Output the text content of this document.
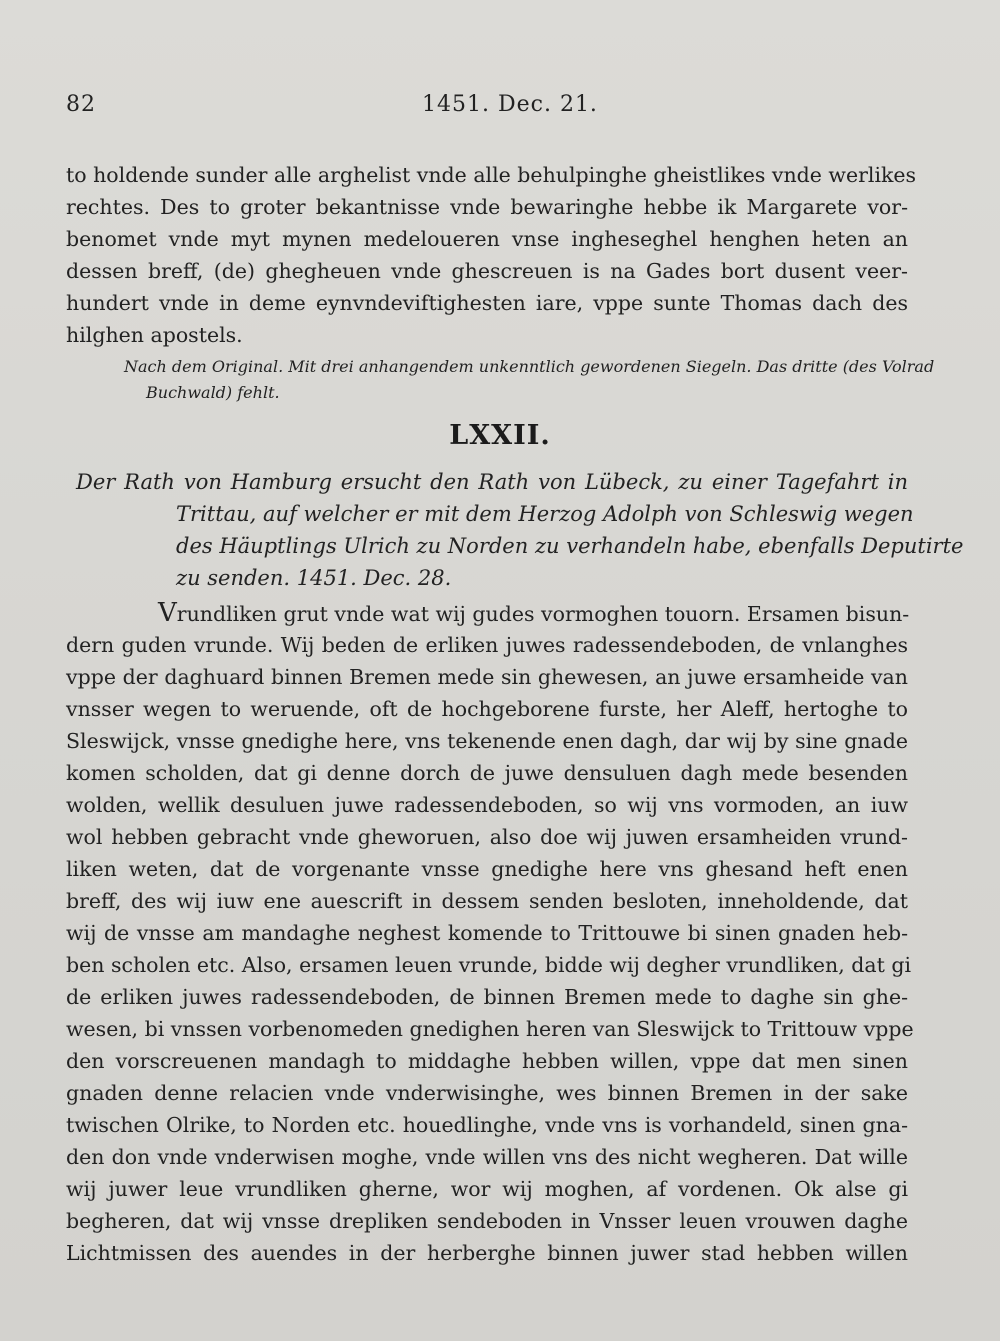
82	1451. Dec. 21.
to holdende sunder alle arghelist vnde alle behulpinghe gheistlikes vnde werlikes
rechtes. Des to groter bekantnisse vnde bewaringhe hebbe ik Margarete vor-
benomet vnde myt mynen medeloueren vnse ingheseghel henghen heten an
dessen breff, (de) ghegheuen vnde ghescreuen is na Gades bort dusent veer-
hundert vnde in deme eynvndeviftighesten iare, vppe sunte Thomas dach des
hilghen apostels.
Nach dem Original. Mit drei anhangendem unkenntlich gewordenen Siegeln. Das dritte (des Volrad
Buchwald) fehlt.
LXXII.
Der Rath von Hamburg ersucht den Rath von Lübeck, zu einer Tagefahrt in
Trittau, auf welcher er mit dem Herzog Adolph von Schleswig wegen
des Häuptlings Ulrich zu Norden zu verhandeln habe, ebenfalls Deputirte
zu senden. 1451. Dec. 28.
Vrundliken grut vnde wat wij gudes vormoghen touorn. Ersamen bisun-
dern guden vrunde. Wij beden de erliken juwes radessendeboden, de vnlanghes
vppe der daghuard binnen Bremen mede sin ghewesen, an juwe ersamheide van
vnsser wegen to weruende, oft de hochgeborene furste, her Aleff, hertoghe to
Sleswijck, vnsse gnedighe here, vns tekenende enen dagh, dar wij by sine gnade
komen scholden, dat gi denne dorch de juwe densuluen dagh mede besenden
wolden, wellik desuluen juwe radessendeboden, so wij vns vormoden, an iuw
wol hebben gebracht vnde gheworuen, also doe wij juwen ersamheiden vrund-
liken weten, dat de vorgenante vnsse gnedighe here vns ghesand heft enen
breff, des wij iuw ene auescrift in dessem senden besloten, inneholdende, dat
wij de vnsse am mandaghe neghest komende to Trittouwe bi sinen gnaden heb-
ben scholen etc. Also, ersamen leuen vrunde, bidde wij degher vrundliken, dat gi
de erliken juwes radessendeboden, de binnen Bremen mede to daghe sin ghe-
wesen, bi vnssen vorbenomeden gnedighen heren van Sleswijck to Trittouw vppe
den vorscreuenen mandagh to middaghe hebben willen, vppe dat men sinen
gnaden denne relacien vnde vnderwisinghe, wes binnen Bremen in der sake
twischen Olrike, to Norden etc. houedlinghe, vnde vns is vorhandeld, sinen gna-
den don vnde vnderwisen moghe, vnde willen vns des nicht wegheren. Dat wille
wij juwer leue vrundliken gherne, wor wij moghen, af vordenen. Ok alse gi
begheren, dat wij vnsse drepliken sendeboden in Vnsser leuen vrouwen daghe
Lichtmissen des auendes in der herberghe binnen juwer stad hebben willen
